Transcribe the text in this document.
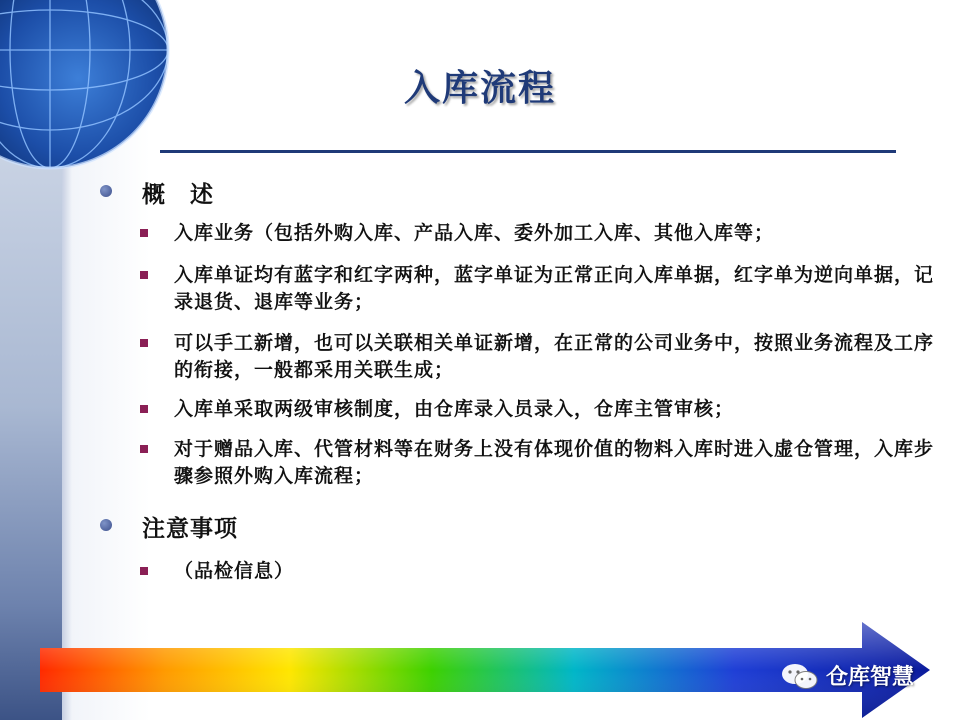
入库流程
概　述
入库业务（包括外购入库、产品入库、委外加工入库、其他入库等；
入库单证均有蓝字和红字两种，蓝字单证为正常正向入库单据，红字单为逆向单据，记录退货、退库等业务；
可以手工新增，也可以关联相关单证新增，在正常的公司业务中，按照业务流程及工序的衔接，一般都采用关联生成；
入库单采取两级审核制度，由仓库录入员录入，仓库主管审核；
对于赠品入库、代管材料等在财务上没有体现价值的物料入库时进入虚仓管理，入库步骤参照外购入库流程；
注意事项
（品检信息）
仓库智慧
